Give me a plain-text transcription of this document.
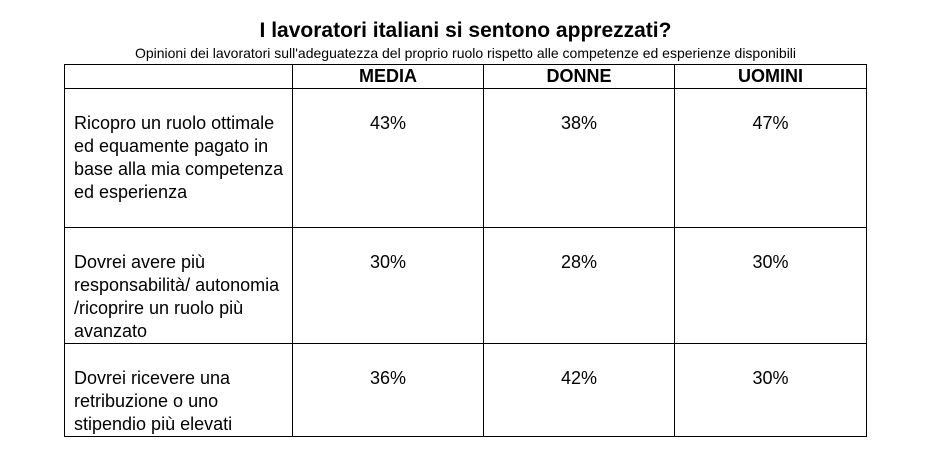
I lavoratori italiani si sentono apprezzati?
Opinioni dei lavoratori sull'adeguatezza del proprio ruolo rispetto alle competenze ed esperienze disponibili
	MEDIA	DONNE	UOMINI
Ricopro un ruolo ottimale ed equamente pagato in base alla mia competenza ed esperienza	43%	38%	47%
Dovrei avere più responsabilità/ autonomia /ricoprire un ruolo più avanzato	30%	28%	30%
Dovrei ricevere una retribuzione o uno stipendio più elevati	36%	42%	30%
